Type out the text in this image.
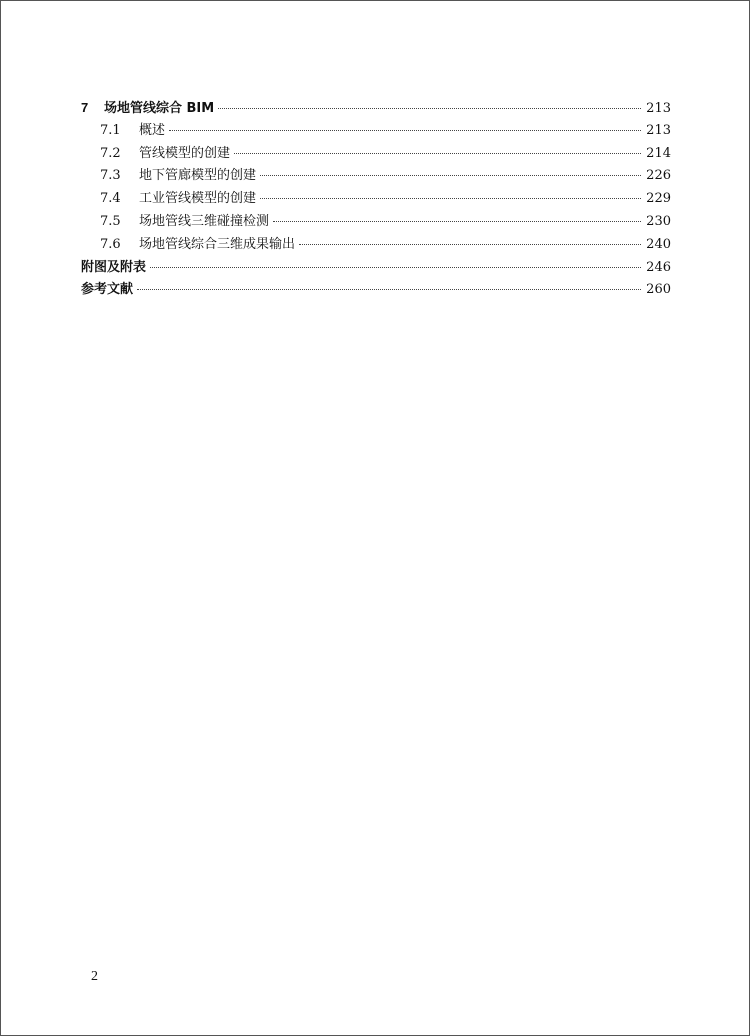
7	场地管线综合 BIM	213
7.1	概述	213
7.2	管线模型的创建	214
7.3	地下管廊模型的创建	226
7.4	工业管线模型的创建	229
7.5	场地管线三维碰撞检测	230
7.6	场地管线综合三维成果输出	240
附图及附表	246
参考文献	260
2
